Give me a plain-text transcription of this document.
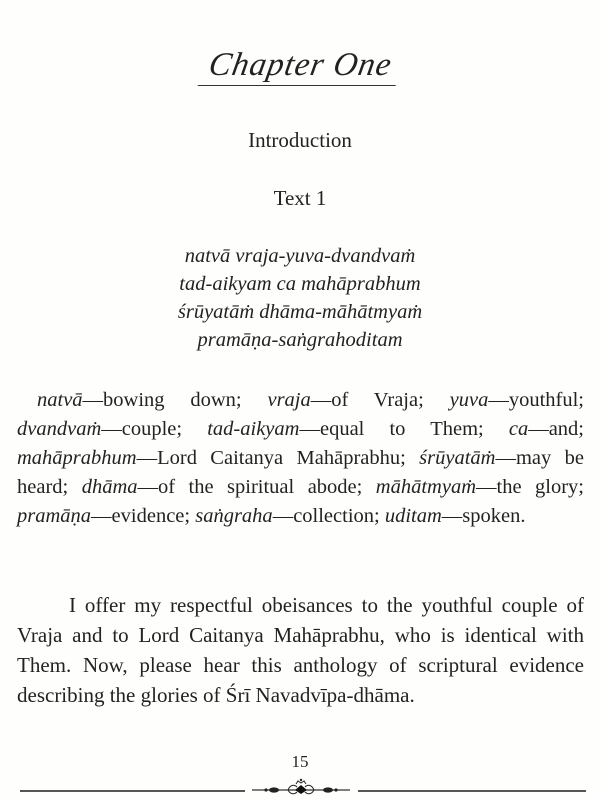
Chapter One
Introduction
Text 1
natvā vraja-yuva-dvandvaṁ
tad-aikyam ca mahāprabhum
śrūyatāṁ dhāma-māhātmyaṁ
pramāṇa-saṅgrahoditam
natvā—bowing down; vraja—of Vraja; yuva—youthful; dvandvaṁ—couple; tad-aikyam—equal to Them; ca—and; mahāprabhum—Lord Caitanya Mahāprabhu; śrūyatāṁ—may be heard; dhāma—of the spiritual abode; māhātmyaṁ—the glory; pramāṇa—evidence; saṅgraha—collection; uditam—spoken.
I offer my respectful obeisances to the youthful couple of Vraja and to Lord Caitanya Mahāprabhu, who is identical with Them. Now, please hear this anthology of scriptural evidence describing the glories of Śrī Navadvīpa-dhāma.
15
